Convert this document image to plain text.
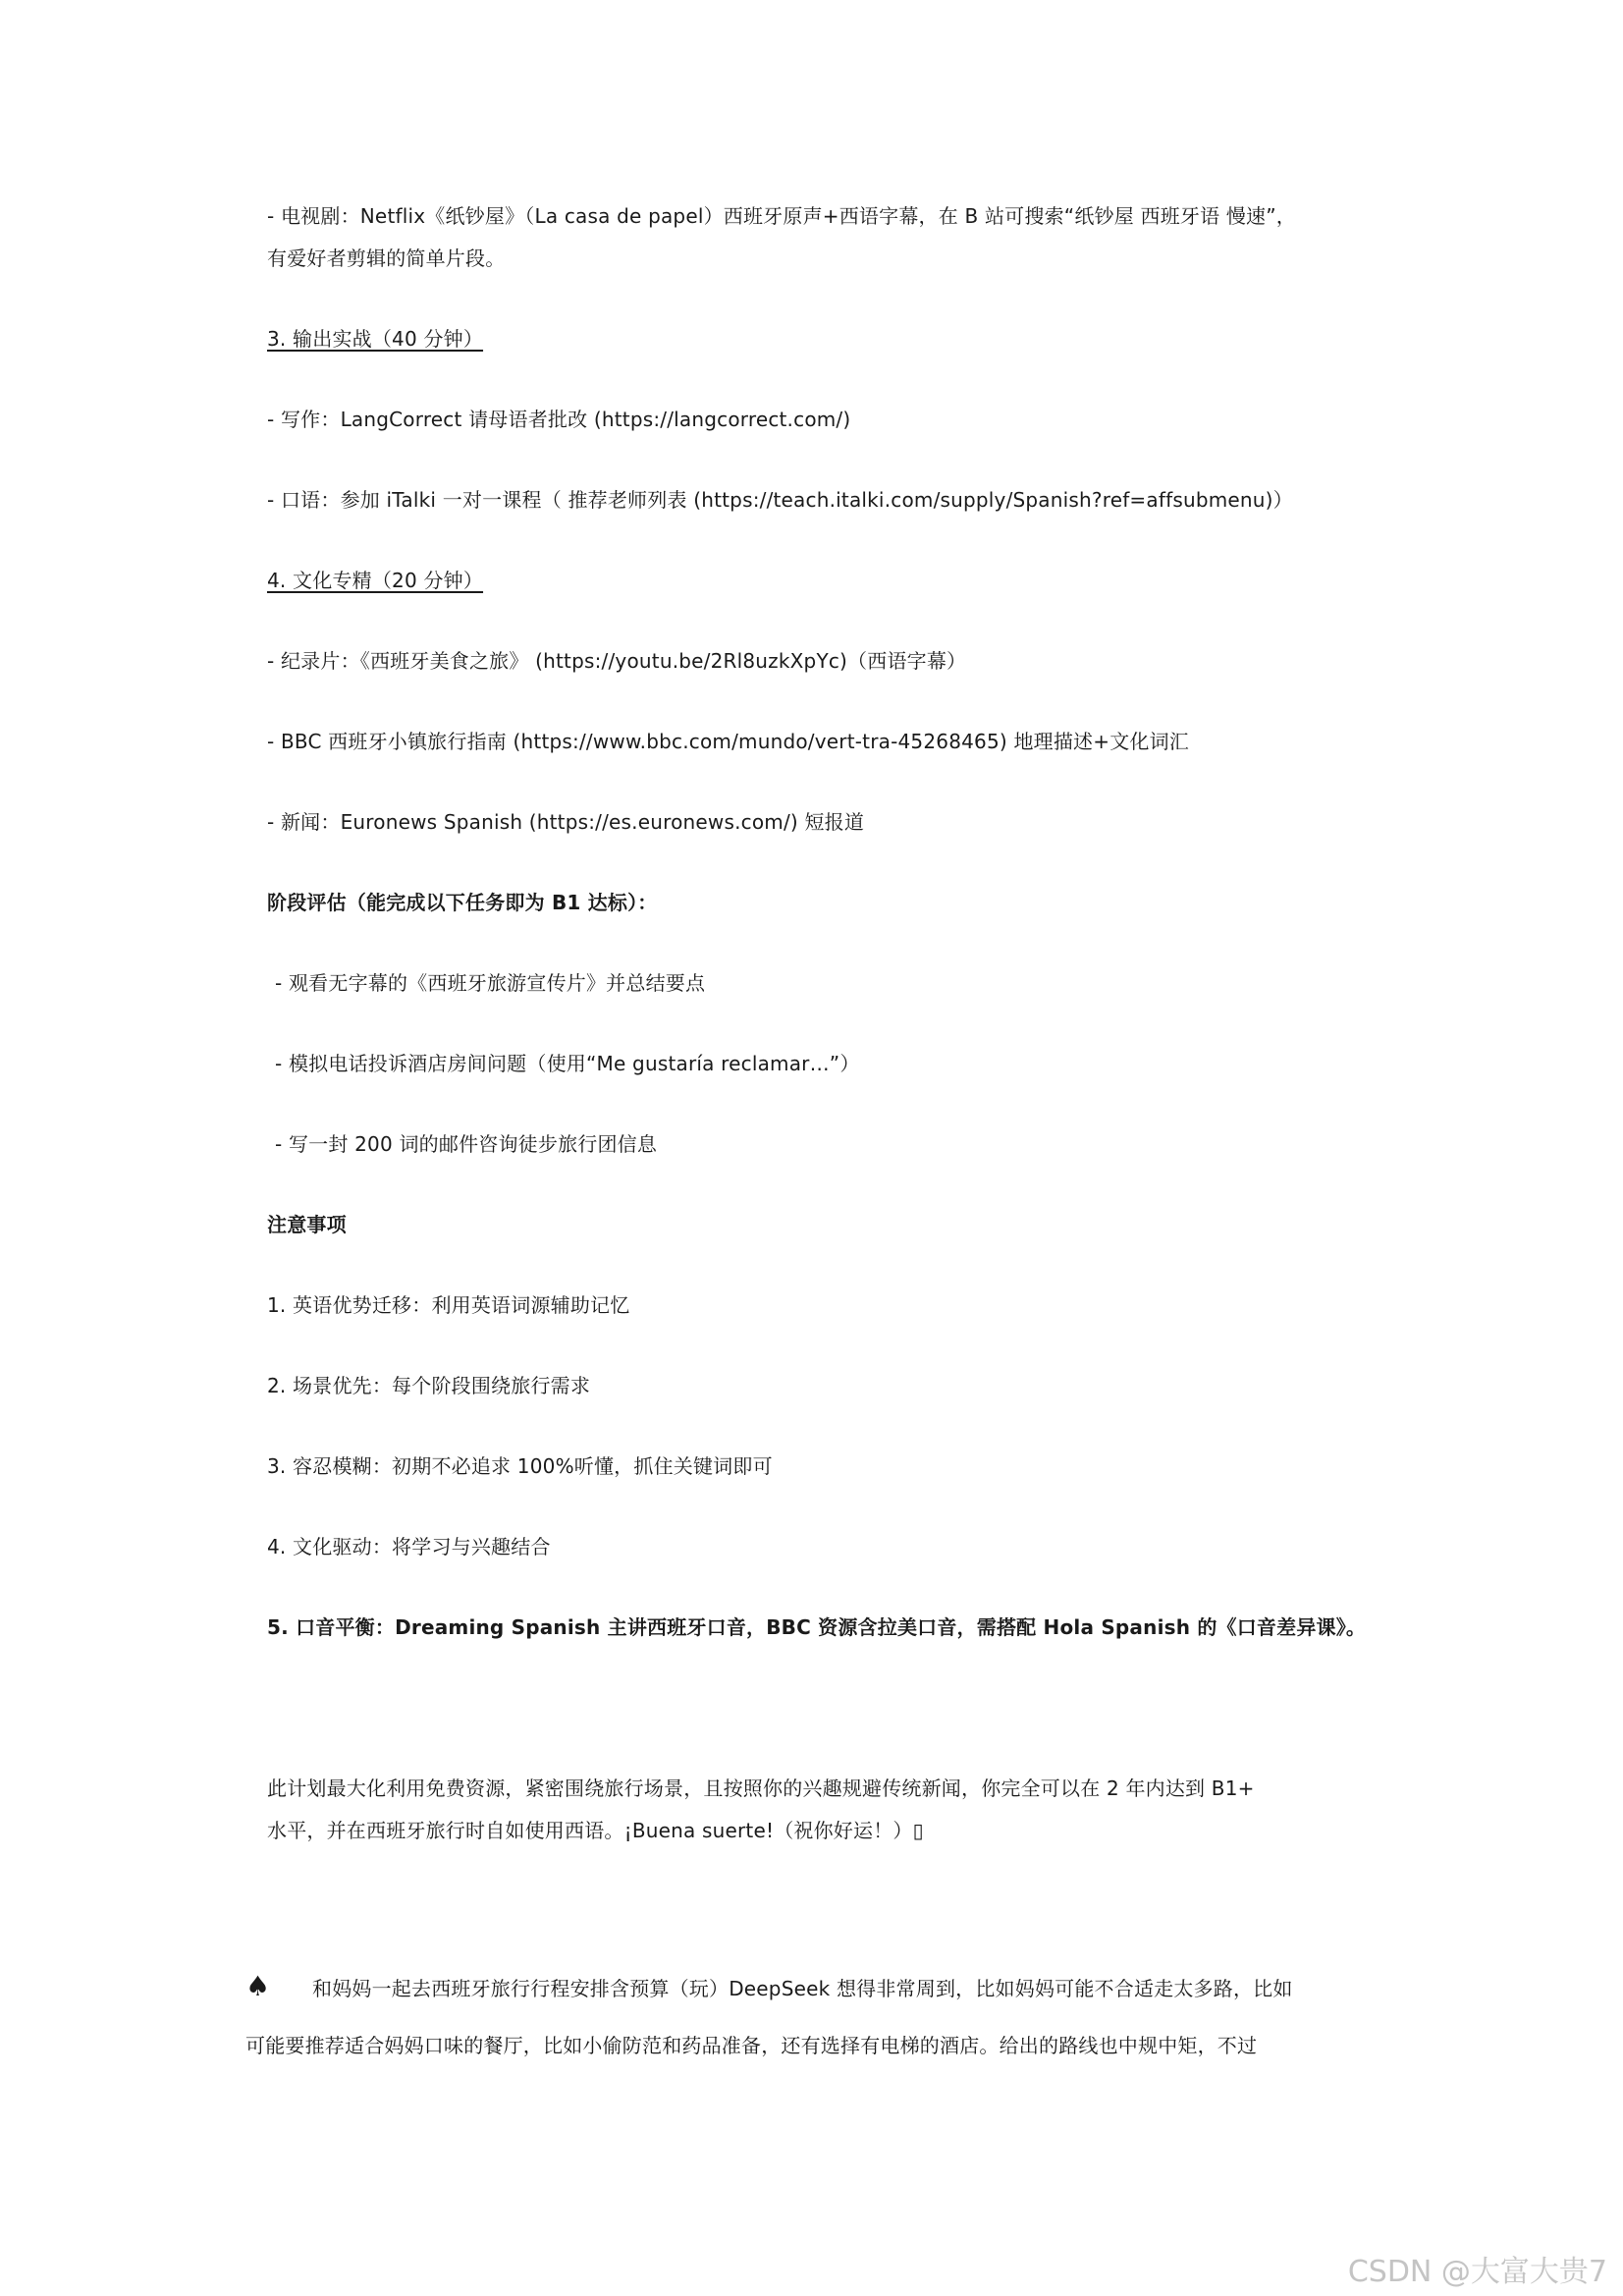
- 电视剧：Netflix《纸钞屋》（La casa de papel）西班牙原声+西语字幕，在 B 站可搜索“纸钞屋 西班牙语 慢速”，
有爱好者剪辑的简单片段。
3. 输出实战（40 分钟）
- 写作：LangCorrect 请母语者批改 (https://langcorrect.com/)
- 口语：参加 iTalki 一对一课程（ 推荐老师列表 (https://teach.italki.com/supply/Spanish?ref=affsubmenu)）
4. 文化专精（20 分钟）
- 纪录片：《西班牙美食之旅》 (https://youtu.be/2Rl8uzkXpYc)（西语字幕）
- BBC 西班牙小镇旅行指南 (https://www.bbc.com/mundo/vert-tra-45268465) 地理描述+文化词汇
- 新闻：Euronews Spanish (https://es.euronews.com/) 短报道
阶段评估（能完成以下任务即为 B1 达标）：
- 观看无字幕的《西班牙旅游宣传片》并总结要点
- 模拟电话投诉酒店房间问题（使用“Me gustaría reclamar…”）
- 写一封 200 词的邮件咨询徒步旅行团信息
注意事项
1. 英语优势迁移：利用英语词源辅助记忆
2. 场景优先：每个阶段围绕旅行需求
3. 容忍模糊：初期不必追求 100%听懂，抓住关键词即可
4. 文化驱动：将学习与兴趣结合
5. 口音平衡：Dreaming Spanish 主讲西班牙口音，BBC 资源含拉美口音，需搭配 Hola Spanish 的《口音差异课》。
此计划最大化利用免费资源，紧密围绕旅行场景，且按照你的兴趣规避传统新闻，你完全可以在 2 年内达到 B1+
水平，并在西班牙旅行时自如使用西语。¡Buena suerte!（祝你好运！）▯
♠ 和妈妈一起去西班牙旅行行程安排含预算（玩）DeepSeek 想得非常周到，比如妈妈可能不合适走太多路，比如
可能要推荐适合妈妈口味的餐厅，比如小偷防范和药品准备，还有选择有电梯的酒店。给出的路线也中规中矩，不过
CSDN @大富大贵7
